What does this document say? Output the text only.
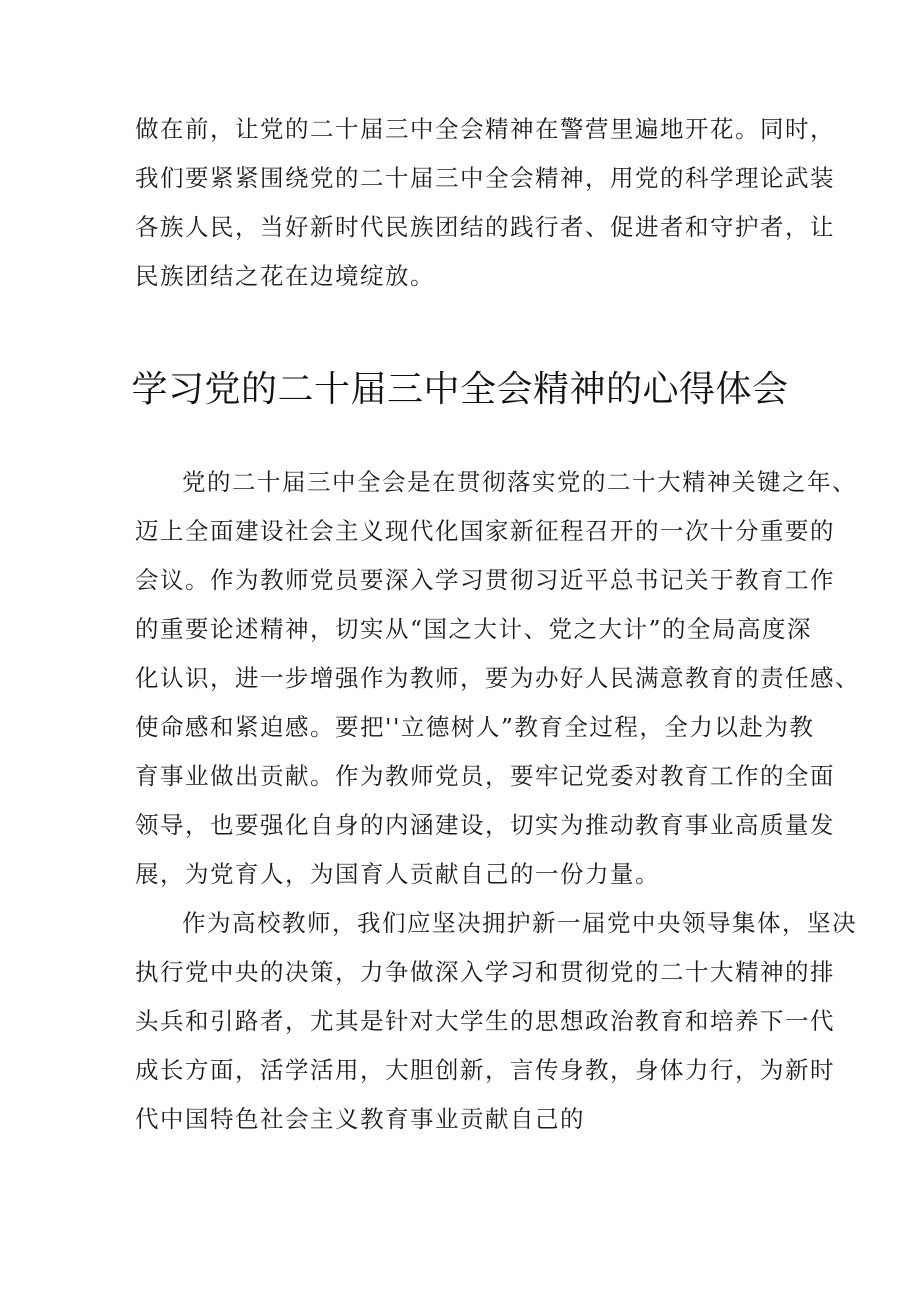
做在前，让党的二十届三中全会精神在警营里遍地开花。同时，
我们要紧紧围绕党的二十届三中全会精神，用党的科学理论武装
各族人民，当好新时代民族团结的践行者、促进者和守护者，让
民族团结之花在边境绽放。
学习党的二十届三中全会精神的心得体会
党的二十届三中全会是在贯彻落实党的二十大精神关键之年、
迈上全面建设社会主义现代化国家新征程召开的一次十分重要的
会议。作为教师党员要深入学习贯彻习近平总书记关于教育工作
的重要论述精神，切实从“国之大计、党之大计”的全局高度深
化认识，进一步增强作为教师，要为办好人民满意教育的责任感、
使命感和紧迫感。要把''立德树人”教育全过程，全力以赴为教
育事业做出贡献。作为教师党员，要牢记党委对教育工作的全面
领导，也要强化自身的内涵建设，切实为推动教育事业高质量发
展，为党育人，为国育人贡献自己的一份力量。
作为高校教师，我们应坚决拥护新一届党中央领导集体，坚决
执行党中央的决策，力争做深入学习和贯彻党的二十大精神的排
头兵和引路者，尤其是针对大学生的思想政治教育和培养下一代
成长方面，活学活用，大胆创新，言传身教，身体力行，为新时
代中国特色社会主义教育事业贡献自己的
